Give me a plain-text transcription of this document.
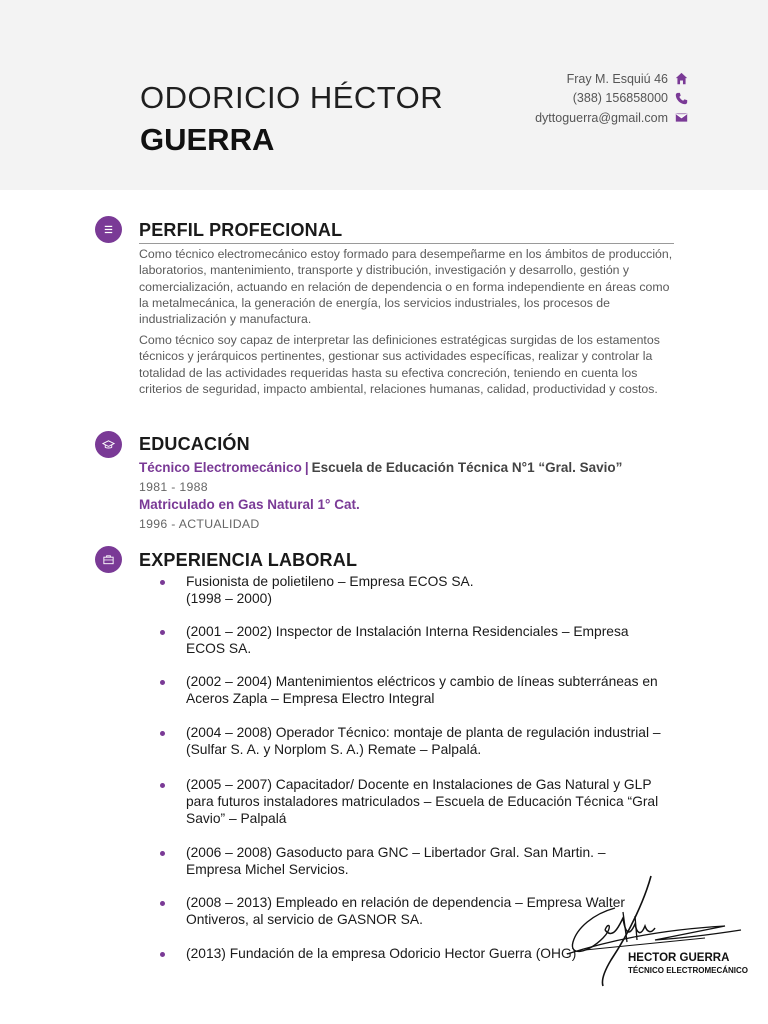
ODORICIO HÉCTOR
GUERRA
Fray M. Esquiú 46
(388) 156858000
dyttoguerra@gmail.com
PERFIL PROFECIONAL
Como técnico electromecánico estoy formado para desempeñarme en los ámbitos de producción, laboratorios, mantenimiento, transporte y distribución, investigación y desarrollo, gestión y comercialización, actuando en relación de dependencia o en forma independiente en áreas como la metalmecánica, la generación de energía, los servicios industriales, los procesos de industrialización y manufactura.
Como técnico soy capaz de interpretar las definiciones estratégicas surgidas de los estamentos técnicos y jerárquicos pertinentes, gestionar sus actividades específicas, realizar y controlar la totalidad de las actividades requeridas hasta su efectiva concreción, teniendo en cuenta los criterios de seguridad, impacto ambiental, relaciones humanas, calidad, productividad y costos.
EDUCACIÓN
Técnico Electromecánico | Escuela de Educación Técnica N°1 “Gral. Savio”
1981 - 1988
Matriculado en Gas Natural 1° Cat.
1996 - ACTUALIDAD
EXPERIENCIA LABORAL
Fusionista de polietileno – Empresa ECOS SA.
(1998 – 2000)
(2001 – 2002) Inspector de Instalación Interna Residenciales – Empresa
ECOS SA.
(2002 – 2004) Mantenimientos eléctricos y cambio de líneas subterráneas en
Aceros Zapla – Empresa Electro Integral
(2004 – 2008) Operador Técnico: montaje de planta de regulación industrial –
(Sulfar S. A. y Norplom S. A.) Remate – Palpalá.
(2005 – 2007) Capacitador/ Docente en Instalaciones de Gas Natural y GLP
para futuros instaladores matriculados – Escuela de Educación Técnica “Gral
Savio” – Palpalá
(2006 – 2008) Gasoducto para GNC – Libertador Gral. San Martin. –
Empresa Michel Servicios.
(2008 – 2013) Empleado en relación de dependencia – Empresa Walter
Ontiveros, al servicio de GASNOR SA.
(2013) Fundación de la empresa Odoricio Hector Guerra (OHG)	HECTOR GUERRA
TÉCNICO ELECTROMECÁNICO
